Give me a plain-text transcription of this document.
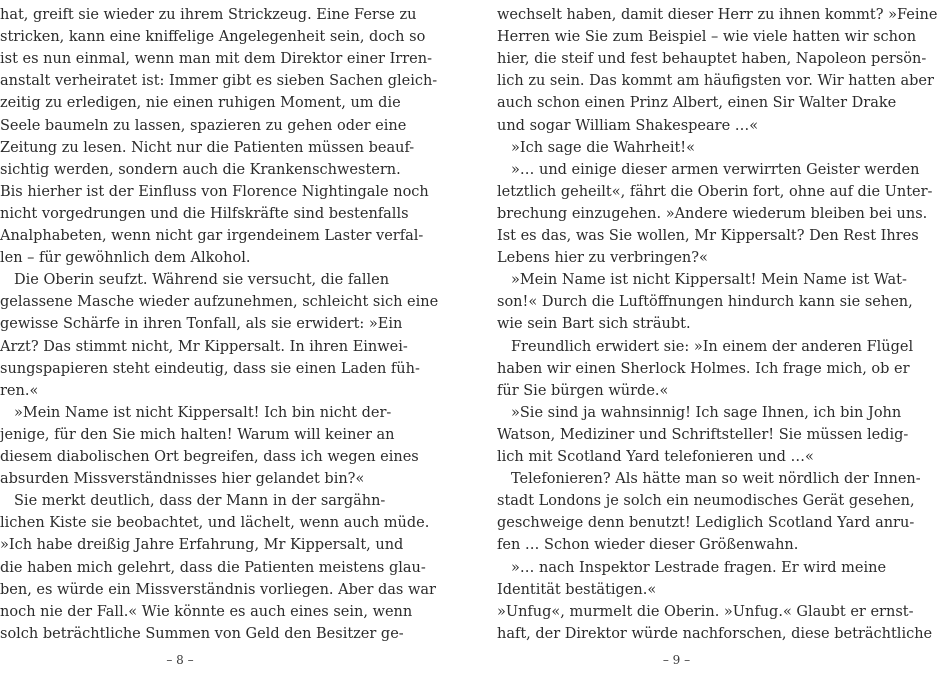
hat, greift sie wieder zu ihrem Strickzeug. Eine Ferse zu
stricken, kann eine kniffelige Angelegenheit sein, doch so
ist es nun einmal, wenn man mit dem Direktor einer Irren-
anstalt verheiratet ist: Immer gibt es sieben Sachen gleich-
zeitig zu erledigen, nie einen ruhigen Moment, um die
Seele baumeln zu lassen, spazieren zu gehen oder eine
Zeitung zu lesen. Nicht nur die Patienten müssen beauf-
sichtig werden, sondern auch die Krankenschwestern.
Bis hierher ist der Einfluss von Florence Nightingale noch
nicht vorgedrungen und die Hilfskräfte sind bestenfalls
Analphabeten, wenn nicht gar irgendeinem Laster verfal-
len – für gewöhnlich dem Alkohol.
Die Oberin seufzt. Während sie versucht, die fallen
gelassene Masche wieder aufzunehmen, schleicht sich eine
gewisse Schärfe in ihren Tonfall, als sie erwidert: »Ein
Arzt? Das stimmt nicht, Mr Kippersalt. In ihren Einwei-
sungspapieren steht eindeutig, dass sie einen Laden füh-
ren.«
»Mein Name ist nicht Kippersalt! Ich bin nicht der-
jenige, für den Sie mich halten! Warum will keiner an
diesem diabolischen Ort begreifen, dass ich wegen eines
absurden Missverständnisses hier gelandet bin?«
Sie merkt deutlich, dass der Mann in der sargähn-
lichen Kiste sie beobachtet, und lächelt, wenn auch müde.
»Ich habe dreißig Jahre Erfahrung, Mr Kippersalt, und
die haben mich gelehrt, dass die Patienten meistens glau-
ben, es würde ein Missverständnis vorliegen. Aber das war
noch nie der Fall.« Wie könnte es auch eines sein, wenn
solch beträchtliche Summen von Geld den Besitzer ge-
– 8 –
wechselt haben, damit dieser Herr zu ihnen kommt? »Feine
Herren wie Sie zum Beispiel – wie viele hatten wir schon
hier, die steif und fest behauptet haben, Napoleon persön-
lich zu sein. Das kommt am häufigsten vor. Wir hatten aber
auch schon einen Prinz Albert, einen Sir Walter Drake
und sogar William Shakespeare …«
»Ich sage die Wahrheit!«
»… und einige dieser armen verwirrten Geister werden
letztlich geheilt«, fährt die Oberin fort, ohne auf die Unter-
brechung einzugehen. »Andere wiederum bleiben bei uns.
Ist es das, was Sie wollen, Mr Kippersalt? Den Rest Ihres
Lebens hier zu verbringen?«
»Mein Name ist nicht Kippersalt! Mein Name ist Wat-
son!« Durch die Luftöffnungen hindurch kann sie sehen,
wie sein Bart sich sträubt.
Freundlich erwidert sie: »In einem der anderen Flügel
haben wir einen Sherlock Holmes. Ich frage mich, ob er
für Sie bürgen würde.«
»Sie sind ja wahnsinnig! Ich sage Ihnen, ich bin John
Watson, Mediziner und Schriftsteller! Sie müssen ledig-
lich mit Scotland Yard telefonieren und …«
Telefonieren? Als hätte man so weit nördlich der Innen-
stadt Londons je solch ein neumodisches Gerät gesehen,
geschweige denn benutzt! Lediglich Scotland Yard anru-
fen … Schon wieder dieser Größenwahn.
»… nach Inspektor Lestrade fragen. Er wird meine
Identität bestätigen.«
»Unfug«, murmelt die Oberin. »Unfug.« Glaubt er ernst-
haft, der Direktor würde nachforschen, diese beträchtliche
– 9 –
